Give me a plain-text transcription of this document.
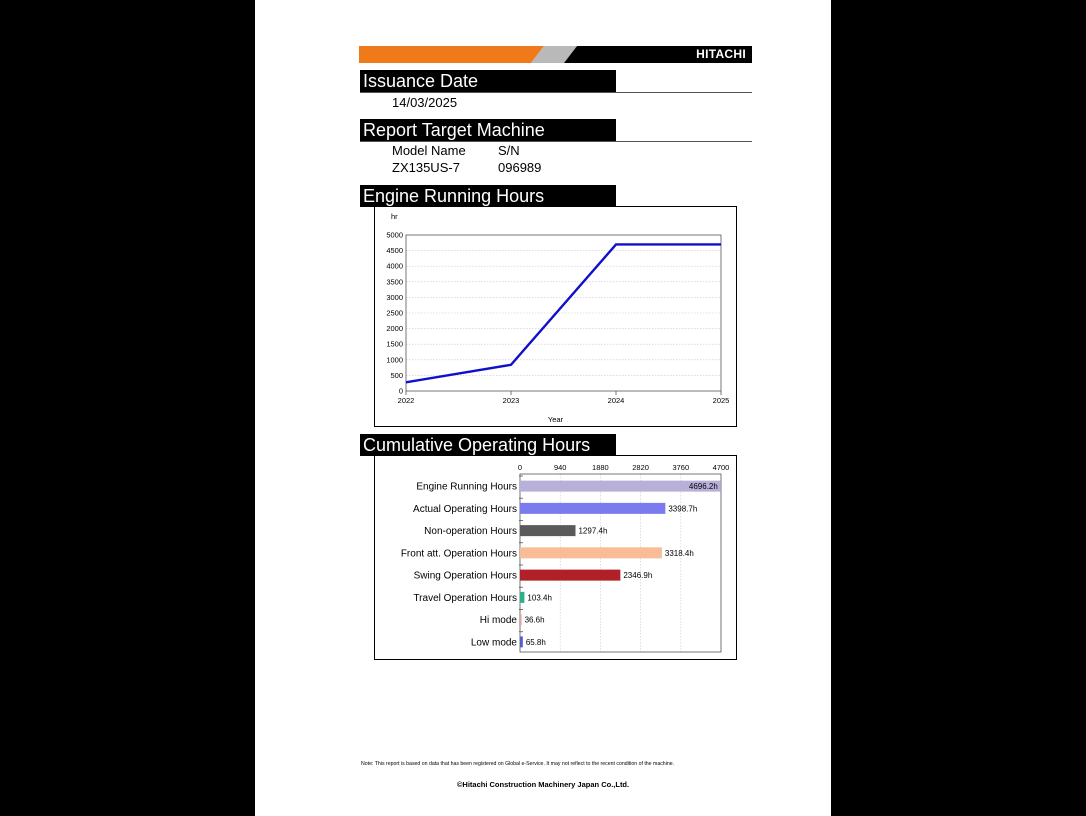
HITACHI
Issuance Date
14/03/2025
Report Target Machine
Model Name S/N
ZX135US-7	096989
Engine Running Hours
hr
0
500
1000
1500
2000
2500
3000
3500
4000
4500
5000
2022	2023	2024	2025
Year
Cumulative Operating Hours
0	940	1880	2820	3760	4700
Engine Running Hours	4696.2h
Actual Operating Hours	3398.7h
Non-operation Hours	1297.4h
Front att. Operation Hours	3318.4h
Swing Operation Hours	2346.9h
Travel Operation Hours 103.4h
Hi mode 36.6h
Low mode 65.8h
Note: This report is based on data that has been registered on Global e-Service. It may not reflect to the recent condition of the machine.
©Hitachi Construction Machinery Japan Co.,Ltd.
